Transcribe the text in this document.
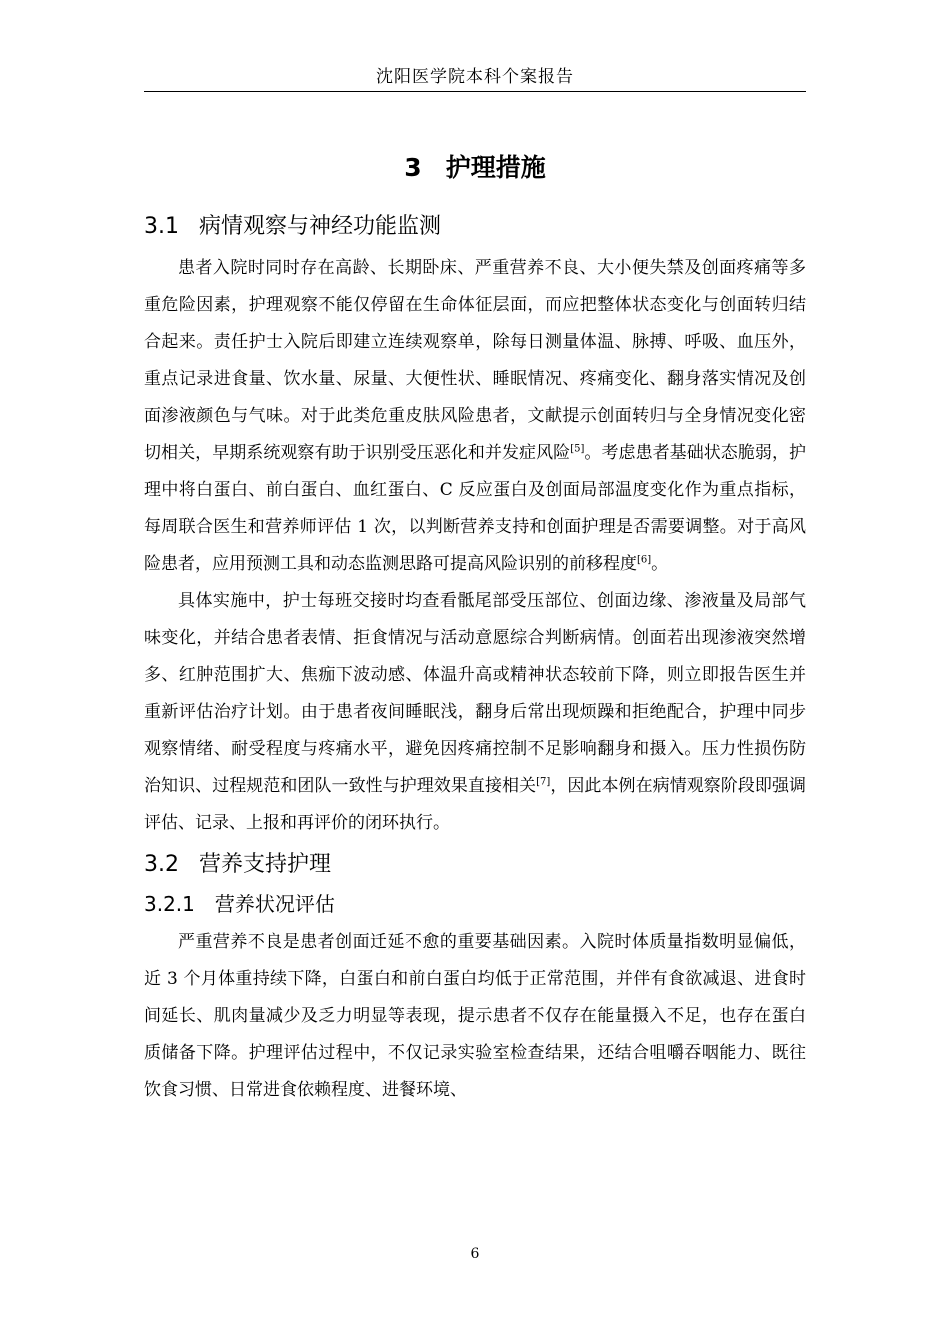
沈阳医学院本科个案报告
3 护理措施
3.1 病情观察与神经功能监测

患者入院时同时存在高龄、长期卧床、严重营养不良、大小便失禁及创面疼痛等多重危险因素，护理观察不能仅停留在生命体征层面，而应把整体状态变化与创面转归结合起来。责任护士入院后即建立连续观察单，除每日测量体温、脉搏、呼吸、血压外，重点记录进食量、饮水量、尿量、大便性状、睡眠情况、疼痛变化、翻身落实情况及创面渗液颜色与气味。对于此类危重皮肤风险患者，文献提示创面转归与全身情况变化密切相关，早期系统观察有助于识别受压恶化和并发症风险[5]。考虑患者基础状态脆弱，护理中将白蛋白、前白蛋白、血红蛋白、C 反应蛋白及创面局部温度变化作为重点指标，每周联合医生和营养师评估 1 次，以判断营养支持和创面护理是否需要调整。对于高风险患者，应用预测工具和动态监测思路可提高风险识别的前移程度[6]。

具体实施中，护士每班交接时均查看骶尾部受压部位、创面边缘、渗液量及局部气味变化，并结合患者表情、拒食情况与活动意愿综合判断病情。创面若出现渗液突然增多、红肿范围扩大、焦痂下波动感、体温升高或精神状态较前下降，则立即报告医生并重新评估治疗计划。由于患者夜间睡眠浅，翻身后常出现烦躁和拒绝配合，护理中同步观察情绪、耐受程度与疼痛水平，避免因疼痛控制不足影响翻身和摄入。压力性损伤防治知识、过程规范和团队一致性与护理效果直接相关[7]，因此本例在病情观察阶段即强调评估、记录、上报和再评价的闭环执行。

3.2 营养支持护理
3.2.1 营养状况评估

严重营养不良是患者创面迁延不愈的重要基础因素。入院时体质量指数明显偏低，近 3 个月体重持续下降，白蛋白和前白蛋白均低于正常范围，并伴有食欲减退、进食时间延长、肌肉量减少及乏力明显等表现，提示患者不仅存在能量摄入不足，也存在蛋白质储备下降。护理评估过程中，不仅记录实验室检查结果，还结合咀嚼吞咽能力、既往饮食习惯、日常进食依赖程度、进餐环境、

6
